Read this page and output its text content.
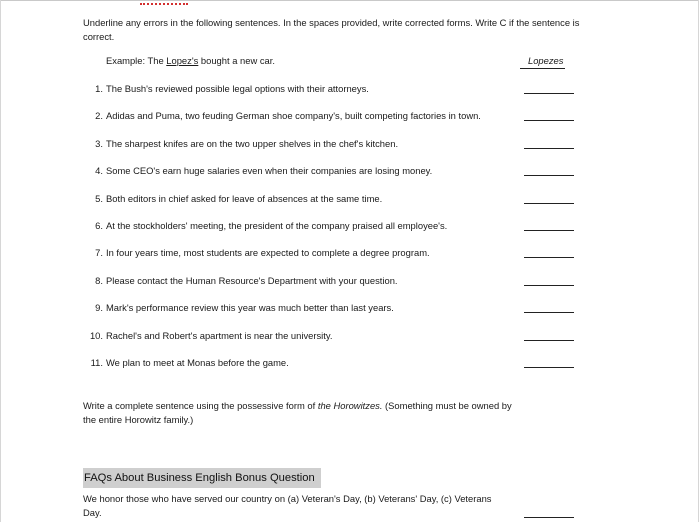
Underline any errors in the following sentences. In the spaces provided, write corrected forms. Write C if the sentence is correct.
Example: The Lopez's bought a new car.	Lopezes
1. The Bush's reviewed possible legal options with their attorneys.
2. Adidas and Puma, two feuding German shoe company's, built competing factories in town.
3. The sharpest knifes are on the two upper shelves in the chef's kitchen.
4. Some CEO's earn huge salaries even when their companies are losing money.
5. Both editors in chief asked for leave of absences at the same time.
6. At the stockholders' meeting, the president of the company praised all employee's.
7. In four years time, most students are expected to complete a degree program.
8. Please contact the Human Resource's Department with your question.
9. Mark's performance review this year was much better than last years.
10. Rachel's and Robert's apartment is near the university.
11. We plan to meet at Monas before the game.
Write a complete sentence using the possessive form of the Horowitzes. (Something must be owned by the entire Horowitz family.)
FAQs About Business English Bonus Question
We honor those who have served our country on (a) Veteran's Day, (b) Veterans' Day, (c) Veterans Day.
